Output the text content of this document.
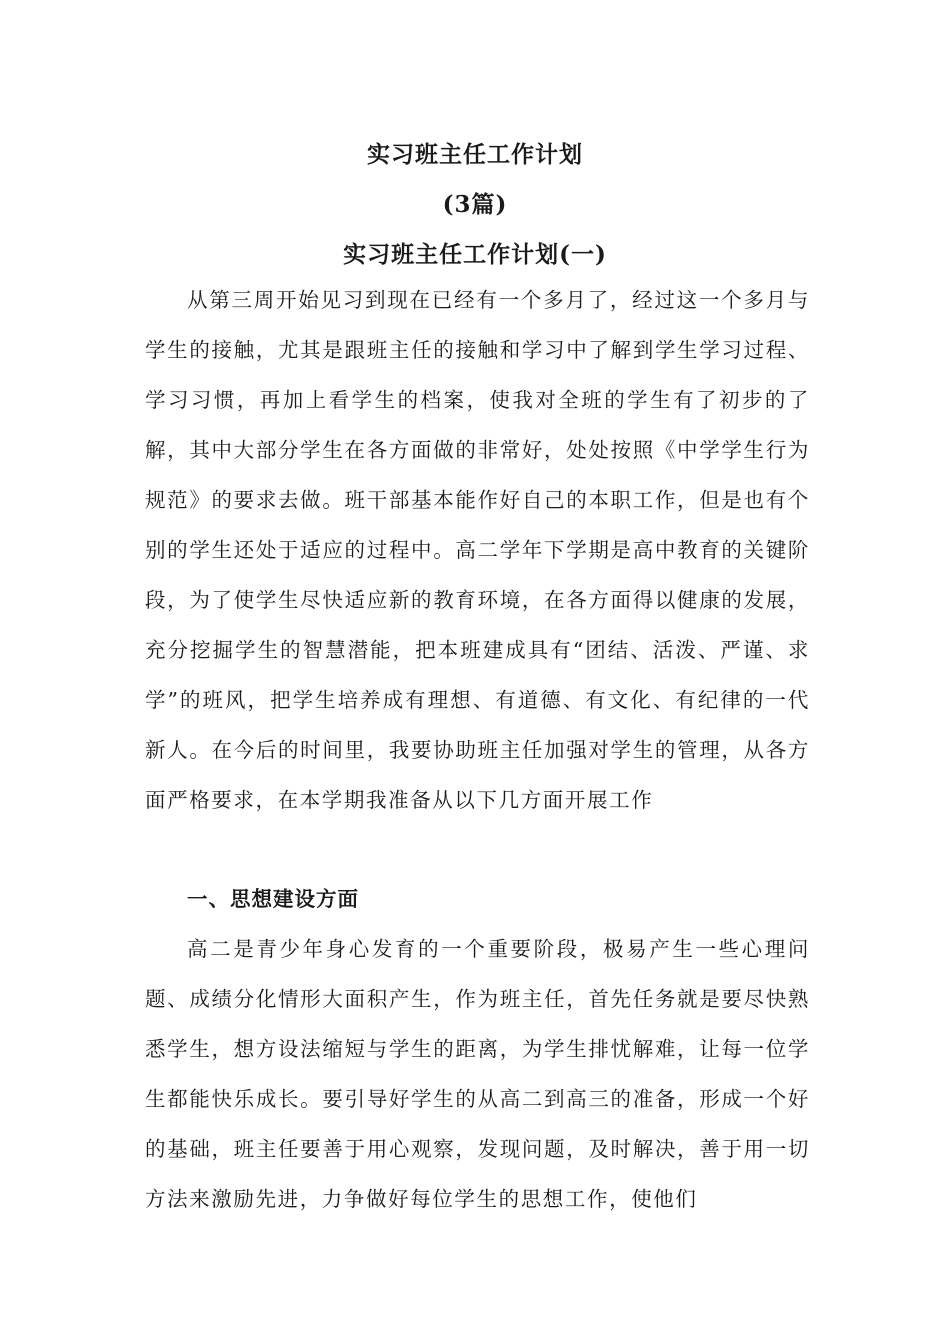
实习班主任工作计划
(3篇)
实习班主任工作计划(一)

从第三周开始见习到现在已经有一个多月了，经过这一个多月与学生的接触，尤其是跟班主任的接触和学习中了解到学生学习过程、学习习惯，再加上看学生的档案，使我对全班的学生有了初步的了解，其中大部分学生在各方面做的非常好，处处按照《中学学生行为规范》的要求去做。班干部基本能作好自己的本职工作，但是也有个别的学生还处于适应的过程中。高二学年下学期是高中教育的关键阶段，为了使学生尽快适应新的教育环境，在各方面得以健康的发展，充分挖掘学生的智慧潜能，把本班建成具有“团结、活泼、严谨、求学”的班风，把学生培养成有理想、有道德、有文化、有纪律的一代新人。在今后的时间里，我要协助班主任加强对学生的管理，从各方面严格要求，在本学期我准备从以下几方面开展工作

一、思想建设方面

高二是青少年身心发育的一个重要阶段，极易产生一些心理问题、成绩分化情形大面积产生，作为班主任，首先任务就是要尽快熟悉学生，想方设法缩短与学生的距离，为学生排忧解难，让每一位学生都能快乐成长。要引导好学生的从高二到高三的准备，形成一个好的基础，班主任要善于用心观察，发现问题，及时解决，善于用一切方法来激励先进，力争做好每位学生的思想工作，使他们
